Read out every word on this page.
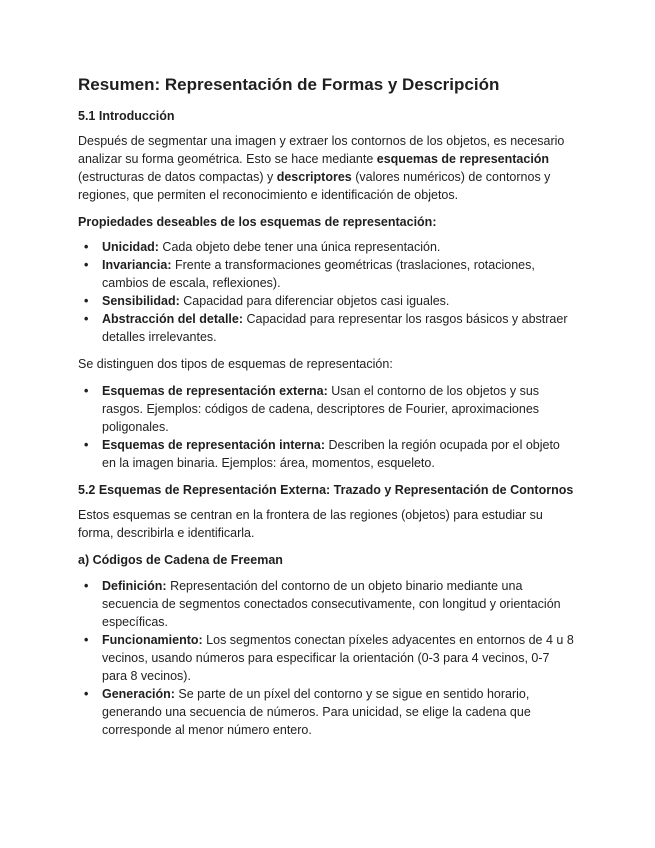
Resumen: Representación de Formas y Descripción
5.1 Introducción

Después de segmentar una imagen y extraer los contornos de los objetos, es necesario analizar su forma geométrica. Esto se hace mediante esquemas de representación (estructuras de datos compactas) y descriptores (valores numéricos) de contornos y regiones, que permiten el reconocimiento e identificación de objetos.

Propiedades deseables de los esquemas de representación:
• Unicidad: Cada objeto debe tener una única representación.
• Invariancia: Frente a transformaciones geométricas (traslaciones, rotaciones, cambios de escala, reflexiones).
• Sensibilidad: Capacidad para diferenciar objetos casi iguales.
• Abstracción del detalle: Capacidad para representar los rasgos básicos y abstraer detalles irrelevantes.

Se distinguen dos tipos de esquemas de representación:

• Esquemas de representación externa: Usan el contorno de los objetos y sus rasgos. Ejemplos: códigos de cadena, descriptores de Fourier, aproximaciones poligonales.
• Esquemas de representación interna: Describen la región ocupada por el objeto en la imagen binaria. Ejemplos: área, momentos, esqueleto.
5.2 Esquemas de Representación Externa: Trazado y Representación de Contornos

Estos esquemas se centran en la frontera de las regiones (objetos) para estudiar su forma, describirla e identificarla.

a) Códigos de Cadena de Freeman
• Definición: Representación del contorno de un objeto binario mediante una secuencia de segmentos conectados consecutivamente, con longitud y orientación específicas.
• Funcionamiento: Los segmentos conectan píxeles adyacentes en entornos de 4 u 8 vecinos, usando números para especificar la orientación (0-3 para 4 vecinos, 0-7 para 8 vecinos).
• Generación: Se parte de un píxel del contorno y se sigue en sentido horario, generando una secuencia de números. Para unicidad, se elige la cadena que corresponde al menor número entero.
